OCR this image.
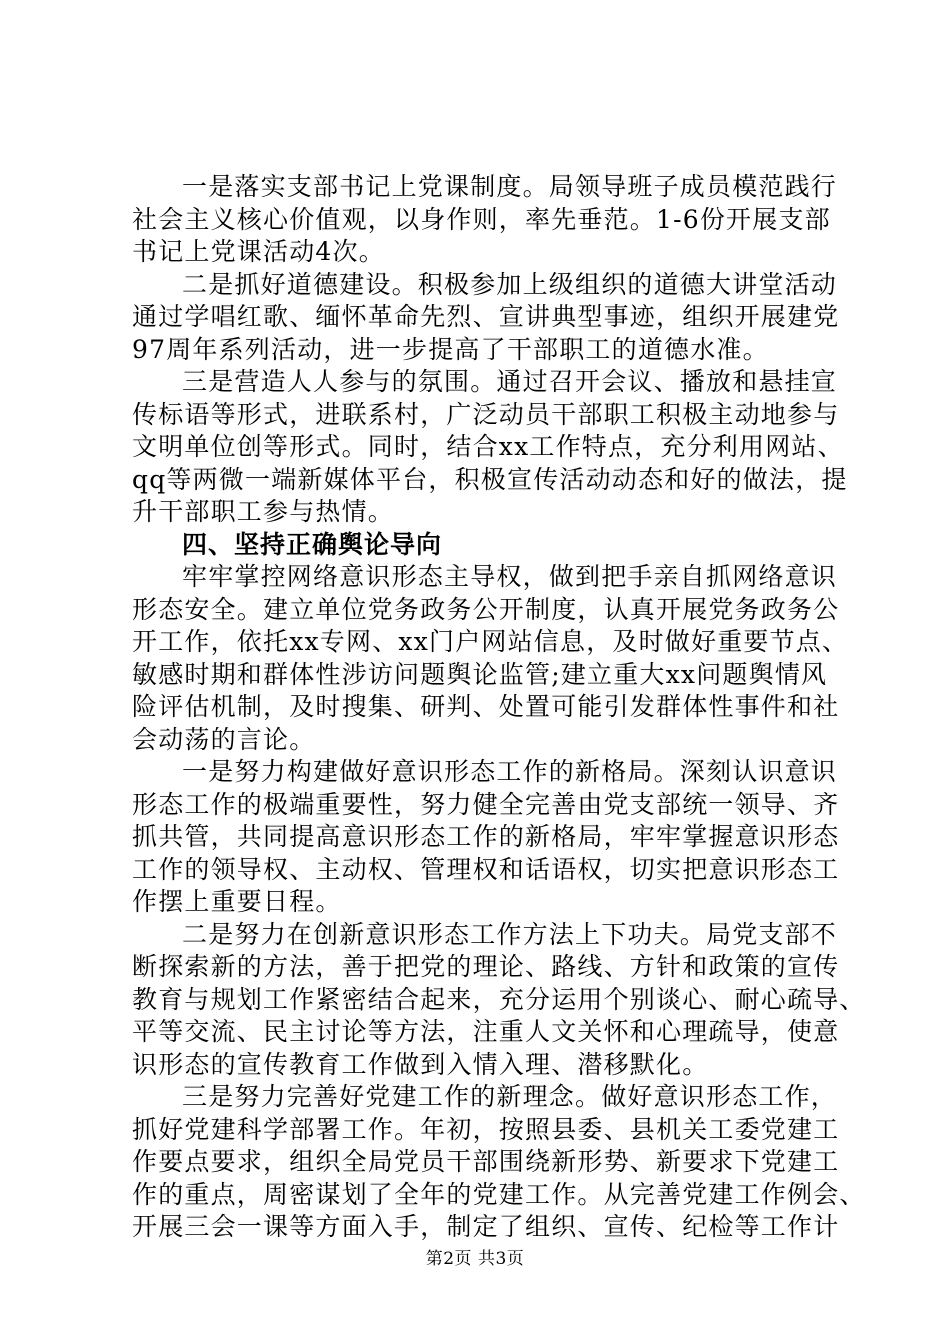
一是落实支部书记上党课制度。局领导班子成员模范践行
社会主义核心价值观，以身作则，率先垂范。1-6份开展支部
书记上党课活动4次。
二是抓好道德建设。积极参加上级组织的道德大讲堂活动
通过学唱红歌、缅怀革命先烈、宣讲典型事迹，组织开展建党
97周年系列活动，进一步提高了干部职工的道德水准。
三是营造人人参与的氛围。通过召开会议、播放和悬挂宣
传标语等形式，进联系村，广泛动员干部职工积极主动地参与
文明单位创等形式。同时，结合xx工作特点，充分利用网站、
qq等两微一端新媒体平台，积极宣传活动动态和好的做法，提
升干部职工参与热情。
四、坚持正确舆论导向
牢牢掌控网络意识形态主导权，做到把手亲自抓网络意识
形态安全。建立单位党务政务公开制度，认真开展党务政务公
开工作，依托xx专网、xx门户网站信息，及时做好重要节点、
敏感时期和群体性涉访问题舆论监管;建立重大xx问题舆情风
险评估机制，及时搜集、研判、处置可能引发群体性事件和社
会动荡的言论。
一是努力构建做好意识形态工作的新格局。深刻认识意识
形态工作的极端重要性，努力健全完善由党支部统一领导、齐
抓共管，共同提高意识形态工作的新格局，牢牢掌握意识形态
工作的领导权、主动权、管理权和话语权，切实把意识形态工
作摆上重要日程。
二是努力在创新意识形态工作方法上下功夫。局党支部不
断探索新的方法，善于把党的理论、路线、方针和政策的宣传
教育与规划工作紧密结合起来，充分运用个别谈心、耐心疏导、
平等交流、民主讨论等方法，注重人文关怀和心理疏导，使意
识形态的宣传教育工作做到入情入理、潜移默化。
三是努力完善好党建工作的新理念。做好意识形态工作，
抓好党建科学部署工作。年初，按照县委、县机关工委党建工
作要点要求，组织全局党员干部围绕新形势、新要求下党建工
作的重点，周密谋划了全年的党建工作。从完善党建工作例会、
开展三会一课等方面入手，制定了组织、宣传、纪检等工作计
第2页 共3页
